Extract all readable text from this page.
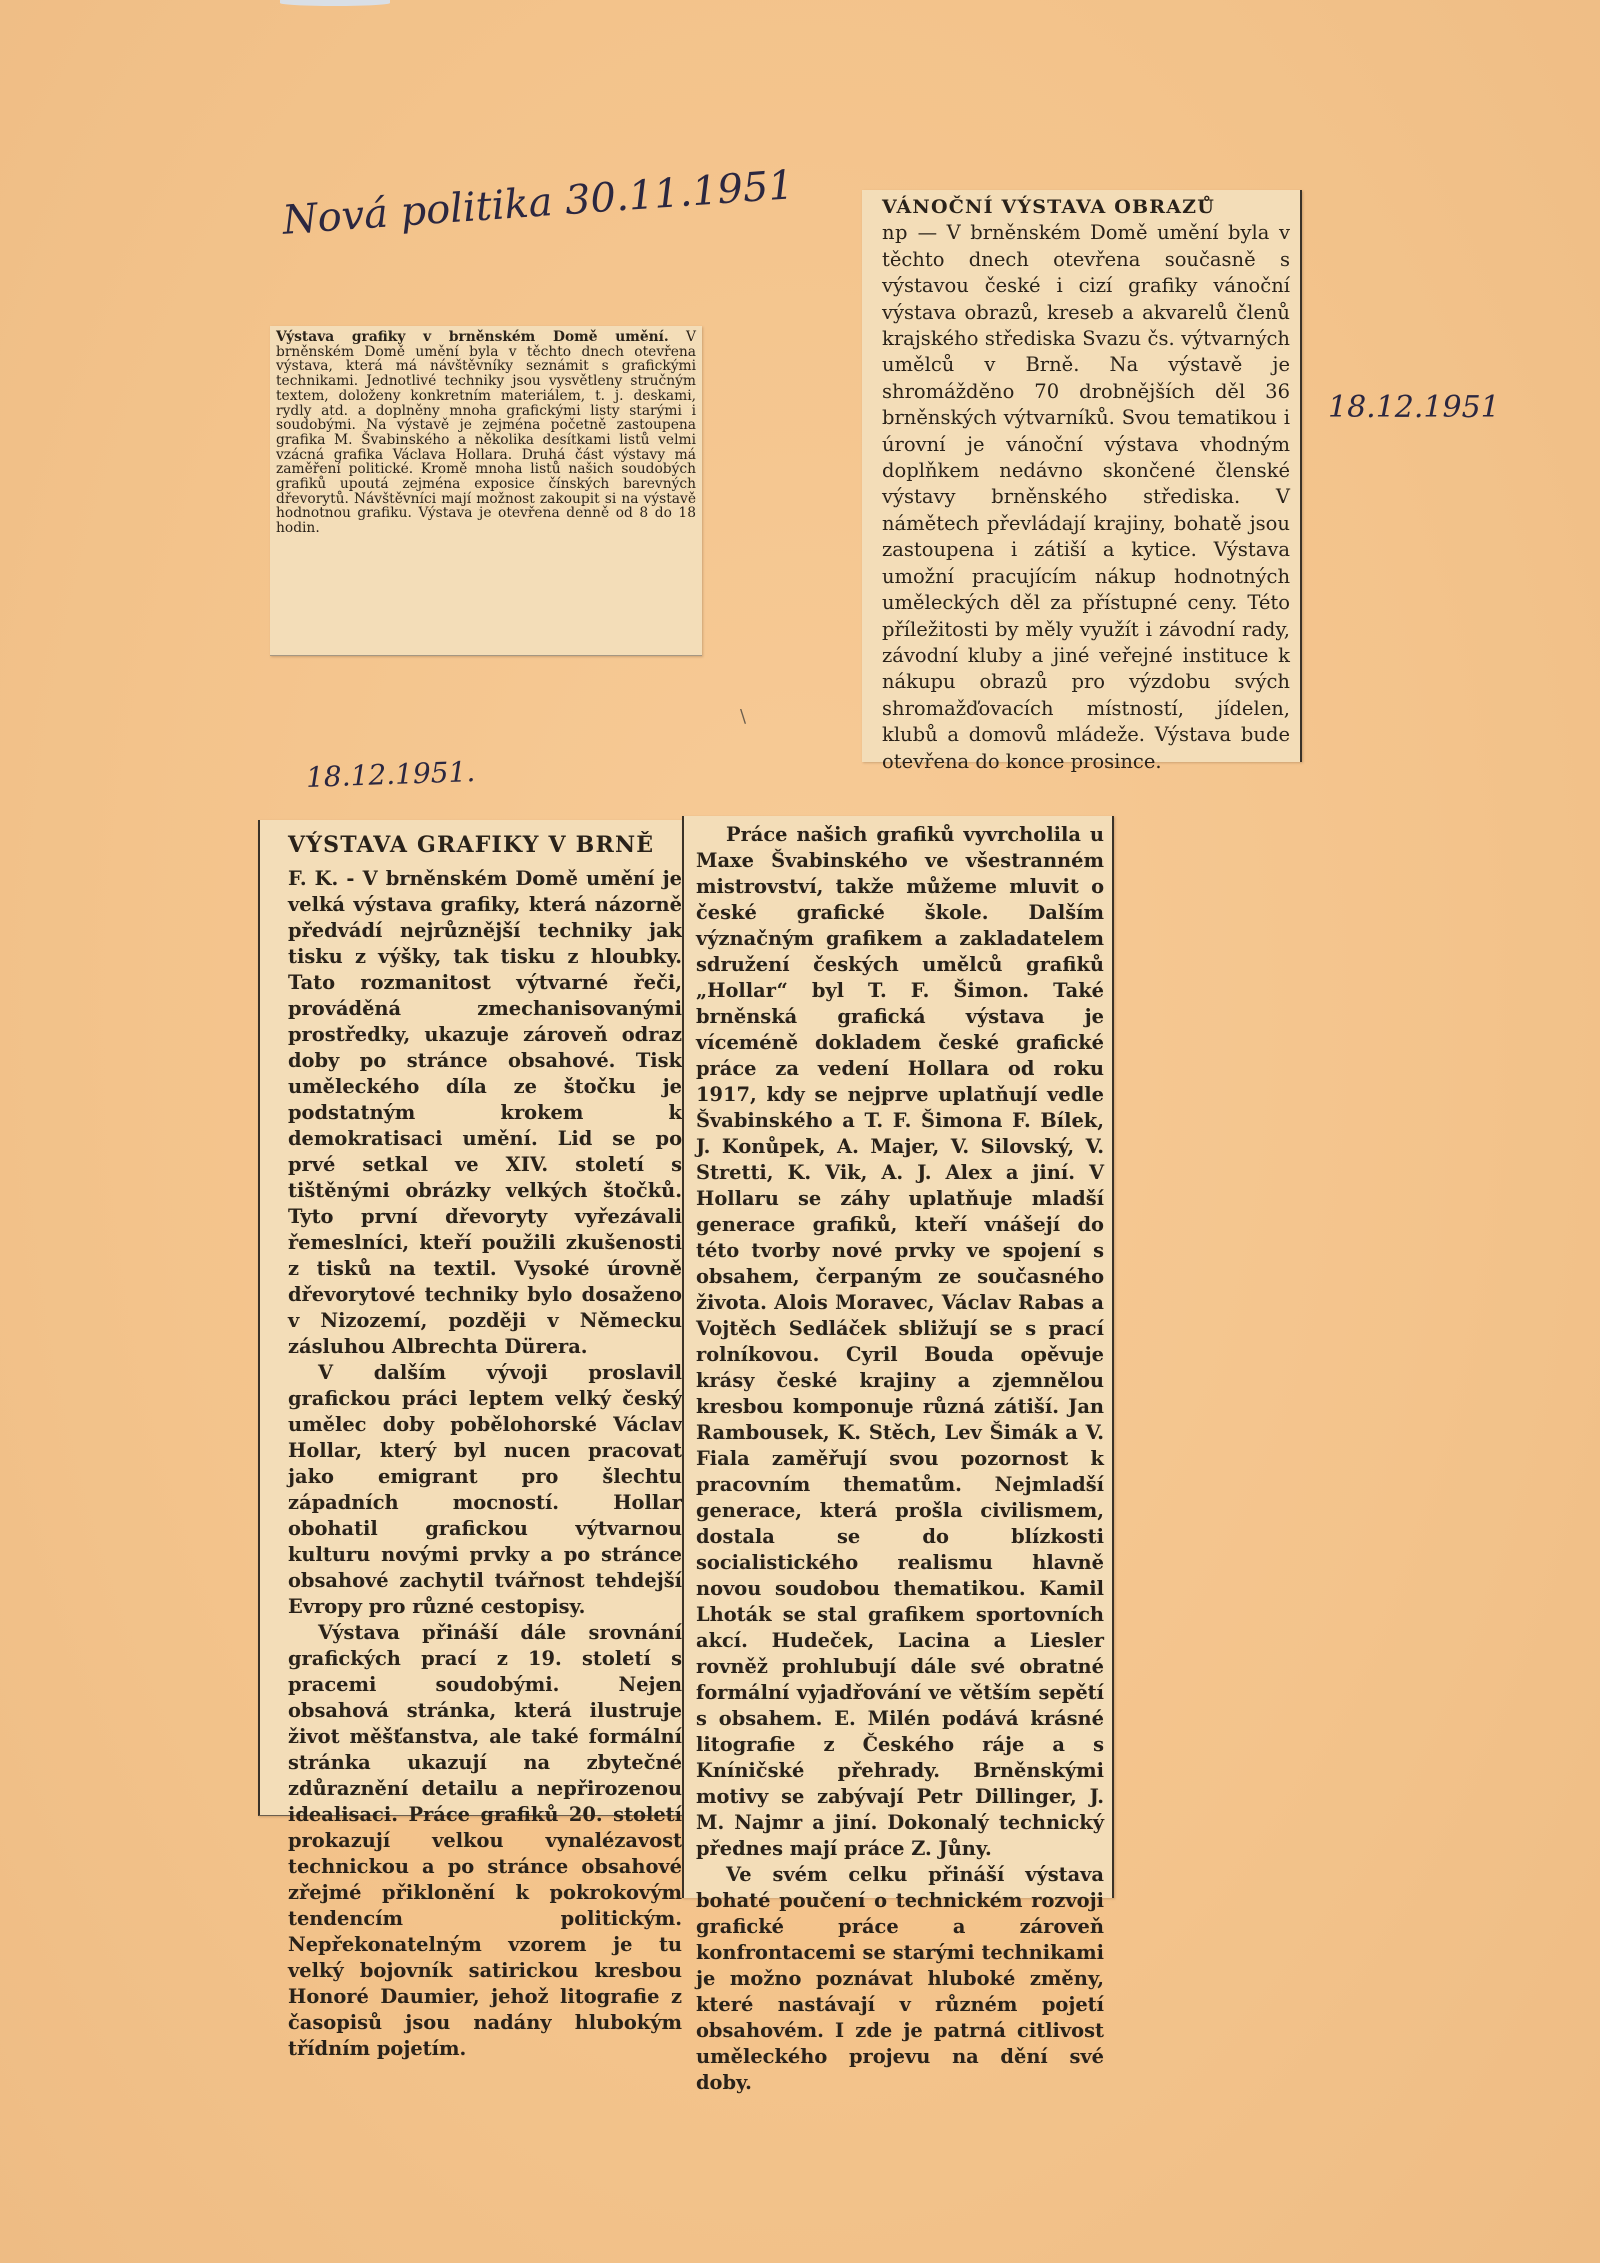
Nová politika 30.11.1951
18.12.1951
18.12.1951.

Výstava grafiky v brněnském Domě umění. V brněnském Domě umění byla v těchto dnech otevřena výstava, která má návštěvníky seznámit s grafickými technikami. Jednotlivé techniky jsou vysvětleny stručným textem, doloženy konkretním materiálem, t. j. deskami, rydly atd. a doplněny mnoha grafickými listy starými i soudobými. Na výstavě je zejména početně zastoupena grafika M. Švabinského a několika desítkami listů velmi vzácná grafika Václava Hollara. Druhá část výstavy má zaměření politické. Kromě mnoha listů našich soudobých grafiků upoutá zejména exposice čínských barevných dřevorytů. Návštěvníci mají možnost zakoupit si na výstavě hodnotnou grafiku. Výstava je otevřena denně od 8 do 18 hodin.

VÁNOČNÍ VÝSTAVA OBRAZŮ

np — V brněnském Domě umění byla v těchto dnech otevřena současně s výstavou české i cizí grafiky vánoční výstava obrazů, kreseb a akvarelů členů krajského střediska Svazu čs. výtvarných umělců v Brně. Na výstavě je shromážděno 70 drobnějších děl 36 brněnských výtvarníků. Svou tematikou i úrovní je vánoční výstava vhodným doplňkem nedávno skončené členské výstavy brněnského střediska. V námětech převládají krajiny, bohatě jsou zastoupena i zátiší a kytice. Výstava umožní pracujícím nákup hodnotných uměleckých děl za přístupné ceny. Této příležitosti by měly využít i závodní rady, závodní kluby a jiné veřejné instituce k nákupu obrazů pro výzdobu svých shromažďovacích místností, jídelen, klubů a domovů mládeže. Výstava bude otevřena do konce prosince.

VÝSTAVA GRAFIKY V BRNĚ

F. K. - V brněnském Domě umění je velká výstava grafiky, která názorně předvádí nejrůznější techniky jak tisku z výšky, tak tisku z hloubky. Tato rozmanitost výtvarné řeči, prováděná zmechanisovanými prostředky, ukazuje zároveň odraz doby po stránce obsahové. Tisk uměleckého díla ze štočku je podstatným krokem k demokratisaci umění. Lid se po prvé setkal ve XIV. století s tištěnými obrázky velkých štočků. Tyto první dřevoryty vyřezávali řemeslníci, kteří použili zkušenosti z tisků na textil. Vysoké úrovně dřevorytové techniky bylo dosaženo v Nizozemí, později v Německu zásluhou Albrechta Dürera.

V dalším vývoji proslavil grafickou práci leptem velký český umělec doby pobělohorské Václav Hollar, který byl nucen pracovat jako emigrant pro šlechtu západních mocností. Hollar obohatil grafickou výtvarnou kulturu novými prvky a po stránce obsahové zachytil tvářnost tehdejší Evropy pro různé cestopisy.

Výstava přináší dále srovnání grafických prací z 19. století s pracemi soudobými. Nejen obsahová stránka, která ilustruje život měšťanstva, ale také formální stránka ukazují na zbytečné zdůraznění detailu a nepřirozenou idealisaci. Práce grafiků 20. století prokazují velkou vynalézavost technickou a po stránce obsahové zřejmé přiklonění k pokrokovým tendencím politickým. Nepřekonatelným vzorem je tu velký bojovník satirickou kresbou Honoré Daumier, jehož litografie z časopisů jsou nadány hlubokým třídním pojetím.

Práce našich grafiků vyvrcholila u Maxe Švabinského ve všestranném mistrovství, takže můžeme mluvit o české grafické škole. Dalším význačným grafikem a zakladatelem sdružení českých umělců grafiků „Hollar“ byl T. F. Šimon. Také brněnská grafická výstava je víceméně dokladem české grafické práce za vedení Hollara od roku 1917, kdy se nejprve uplatňují vedle Švabinského a T. F. Šimona F. Bílek, J. Konůpek, A. Majer, V. Silovský, V. Stretti, K. Vik, A. J. Alex a jiní. V Hollaru se záhy uplatňuje mladší generace grafiků, kteří vnášejí do této tvorby nové prvky ve spojení s obsahem, čerpaným ze současného života. Alois Moravec, Václav Rabas a Vojtěch Sedláček sbližují se s prací rolníkovou. Cyril Bouda opěvuje krásy české krajiny a zjemnělou kresbou komponuje různá zátiší. Jan Rambousek, K. Stěch, Lev Šimák a V. Fiala zaměřují svou pozornost k pracovním thematům. Nejmladší generace, která prošla civilismem, dostala se do blízkosti socialistického realismu hlavně novou soudobou thematikou. Kamil Lhoták se stal grafikem sportovních akcí. Hudeček, Lacina a Liesler rovněž prohlubují dále své obratné formální vyjadřování ve větším sepětí s obsahem. E. Milén podává krásné litografie z Českého ráje a s Kníničské přehrady. Brněnskými motivy se zabývají Petr Dillinger, J. M. Najmr a jiní. Dokonalý technický přednes mají práce Z. Jůny.

Ve svém celku přináší výstava bohaté poučení o technickém rozvoji grafické práce a zároveň konfrontacemi se starými technikami je možno poznávat hluboké změny, které nastávají v různém pojetí obsahovém. I zde je patrná citlivost uměleckého projevu na dění své doby.

\
